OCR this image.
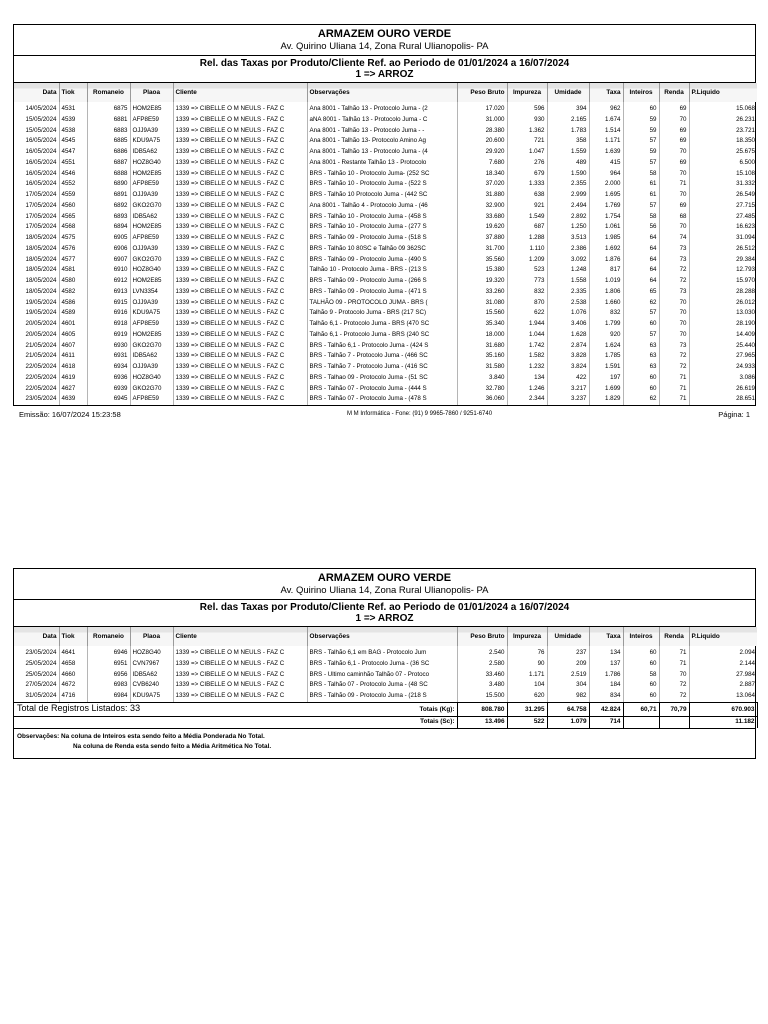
ARMAZEM OURO VERDE
Av. Quirino Uliana 14, Zona Rural Ulianopolis- PA
Rel. das Taxas por Produto/Cliente Ref. ao Periodo de 01/01/2024 a 16/07/2024
1 => ARROZ
Data	Tiok	Romaneio	Plaoa	Cliente	Observações	Peso Bruto	Impureza	Umidade	Taxa	Inteiros	Renda	P.Liquido
14/05/2024	4531	6875	HOM2E85	1339 => CIBELLE O M NEULS - FAZ C	Ana 8001 - Talhão 13 - Protocolo Juma - (2	17.020	596	394	962	60	69	15.068
15/05/2024	4539	6881	AFP8E59	1339 => CIBELLE O M NEULS - FAZ C	aNA 8001 - Talhão 13 - Protocolo Juma - C	31.000	930	2.165	1.674	59	70	26.231
15/05/2024	4538	6883	OJJ9A39	1339 => CIBELLE O M NEULS - FAZ C	Ana 8001 - Talhão 13 - Protocolo Juma - -	28.380	1.362	1.783	1.514	59	69	23.721
16/05/2024	4545	6885	KDU9A75	1339 => CIBELLE O M NEULS - FAZ C	Ana 8001 - Talhão 13- Protocolo Amino Ag	20.600	721	358	1.171	57	69	18.350
16/05/2024	4547	6886	IDB5A62	1339 => CIBELLE O M NEULS - FAZ C	Ana 8001 - Talhão 13 - Protocolo Juma - (4	29.920	1.047	1.559	1.639	59	70	25.675
16/05/2024	4551	6887	HOZ8G40	1339 => CIBELLE O M NEULS - FAZ C	Ana 8001 - Restante Talhão 13 - Protocolo	7.680	276	489	415	57	69	6.500
16/05/2024	4546	6888	HOM2E85	1339 => CIBELLE O M NEULS - FAZ C	BRS - Talhão 10 - Protocolo Juma- (252 SC	18.340	679	1.590	964	58	70	15.108
16/05/2024	4552	6890	AFP8E59	1339 => CIBELLE O M NEULS - FAZ C	BRS - Talhão 10 - Protocolo Juma - (522 S	37.020	1.333	2.355	2.000	61	71	31.332
17/05/2024	4559	6891	OJJ9A39	1339 => CIBELLE O M NEULS - FAZ C	BRS - Talhão 10 Protocolo Juma - (442 SC	31.880	638	2.999	1.695	61	70	26.549
17/05/2024	4560	6892	GKO2G70	1339 => CIBELLE O M NEULS - FAZ C	Ana 8001 - Talhão 4 - Protocolo Juma - (46	32.900	921	2.494	1.769	57	69	27.715
17/05/2024	4565	6893	IDB5A62	1339 => CIBELLE O M NEULS - FAZ C	BRS - Talhão 10 - Protocolo Juma - (458 S	33.680	1.549	2.892	1.754	58	68	27.485
17/05/2024	4568	6894	HOM2E85	1339 => CIBELLE O M NEULS - FAZ C	BRS - Talhão 10 - Protocolo Juma - (277 S	19.620	687	1.250	1.061	56	70	16.623
18/05/2024	4575	6905	AFP8E59	1339 => CIBELLE O M NEULS - FAZ C	BRS - Talhão 09 - Protocolo Juma - (518 S	37.880	1.288	3.513	1.985	64	74	31.094
18/05/2024	4576	6906	OJJ9A39	1339 => CIBELLE O M NEULS - FAZ C	BRS - Talhão 10 80SC e Talhão 09 362SC	31.700	1.110	2.386	1.692	64	73	26.512
18/05/2024	4577	6907	GKO2G70	1339 => CIBELLE O M NEULS - FAZ C	BRS - Talhão 09 - Protocolo Juma - (490 S	35.560	1.209	3.092	1.876	64	73	29.384
18/05/2024	4581	6910	HOZ8G40	1339 => CIBELLE O M NEULS - FAZ C	Talhão 10 - Protocolo Juma - BRS - (213 S	15.380	523	1.248	817	64	72	12.793
18/05/2024	4580	6912	HOM2E85	1339 => CIBELLE O M NEULS - FAZ C	BRS - Talhão 09 - Protocolo Juma - (266 S	19.320	773	1.558	1.019	64	72	15.970
18/05/2024	4582	6913	LVN3354	1339 => CIBELLE O M NEULS - FAZ C	BRS - Talhão 09 - Protocolo Juma - (471 S	33.260	832	2.335	1.806	65	73	28.288
19/05/2024	4586	6915	OJJ9A39	1339 => CIBELLE O M NEULS - FAZ C	TALHÃO 09 - PROTOCOLO JUMA - BRS (	31.080	870	2.538	1.660	62	70	26.012
19/05/2024	4589	6916	KDU9A75	1339 => CIBELLE O M NEULS - FAZ C	Talhão 9 - Protocolo Juma - BRS (217 SC)	15.560	622	1.076	832	57	70	13.030
20/05/2024	4601	6918	AFP8E59	1339 => CIBELLE O M NEULS - FAZ C	Talhão 6,1 - Protocolo Juma - BRS (470 SC	35.340	1.944	3.406	1.799	60	70	28.190
20/05/2024	4605	6919	HOM2E85	1339 => CIBELLE O M NEULS - FAZ C	Talhão 6,1 - Protocolo Juma - BRS (240 SC	18.000	1.044	1.628	920	57	70	14.409
21/05/2024	4607	6930	GKO2G70	1339 => CIBELLE O M NEULS - FAZ C	BRS - Talhão 6,1 - Protocolo Juma - (424 S	31.680	1.742	2.874	1.624	63	73	25.440
21/05/2024	4611	6931	IDB5A62	1339 => CIBELLE O M NEULS - FAZ C	BRS - Talhão 7 - Protocolo Juma - (466 SC	35.160	1.582	3.828	1.785	63	72	27.965
22/05/2024	4618	6934	OJJ9A39	1339 => CIBELLE O M NEULS - FAZ C	BRS - Talhão 7 - Protocolo Juma - (416 SC	31.580	1.232	3.824	1.591	63	72	24.933
22/05/2024	4619	6936	HOZ8G40	1339 => CIBELLE O M NEULS - FAZ C	BRS - Talhao 09 - Protocolo Juma - (51 SC	3.840	134	422	197	60	71	3.086
22/05/2024	4627	6939	GKO2G70	1339 => CIBELLE O M NEULS - FAZ C	BRS - Talhão 07 - Protocolo Juma - (444 S	32.780	1.246	3.217	1.699	60	71	26.619
23/05/2024	4639	6945	AFP8E59	1339 => CIBELLE O M NEULS - FAZ C	BRS - Talhão 07 - Protocolo Juma - (478 S	36.060	2.344	3.237	1.829	62	71	28.651
Emissão: 16/07/2024 15:23:58	M M Informática - Fone: (91) 9 9965-7860 / 9251-6740	Página: 1
ARMAZEM OURO VERDE
Av. Quirino Uliana 14, Zona Rural Ulianopolis- PA
Rel. das Taxas por Produto/Cliente Ref. ao Periodo de 01/01/2024 a 16/07/2024
1 => ARROZ
Data	Tiok	Romaneio	Plaoa	Cliente	Observações	Peso Bruto	Impureza	Umidade	Taxa	Inteiros	Renda	P.Liquido
23/05/2024	4641	6946	HOZ8G40	1339 => CIBELLE O M NEULS - FAZ C	BRS - Talhão 6,1 em BAG - Protocolo Jum	2.540	76	237	134	60	71	2.094
25/05/2024	4658	6951	CVN7967	1339 => CIBELLE O M NEULS - FAZ C	BRS - Talhão 6,1 - Protocolo Juma - (36 SC	2.580	90	209	137	60	71	2.144
25/05/2024	4660	6956	IDB5A62	1339 => CIBELLE O M NEULS - FAZ C	BRS - Ultimo caminhão Talhão 07 - Protoco	33.460	1.171	2.519	1.786	58	70	27.984
27/05/2024	4672	6983	CVB6240	1339 => CIBELLE O M NEULS - FAZ C	BRS - Talhão 07 - Protocolo Juma - (48 SC	3.480	104	304	184	60	72	2.887
31/05/2024	4716	6984	KDU9A75	1339 => CIBELLE O M NEULS - FAZ C	BRS - Talhão 09 - Protocolo Juma - (218 S	15.500	620	982	834	60	72	13.064
Total de Registros Listados: 33 Totais (Kg):	808.780	31.295	64.758	42.824	60,71	70,79	670.903
Totais (Sc):	13.496	522	1.079	714			11.182
Observações: Na coluna de Inteiros esta sendo feito a Média Ponderada No Total.
Na coluna de Renda esta sendo feito a Média Aritmética No Total.
